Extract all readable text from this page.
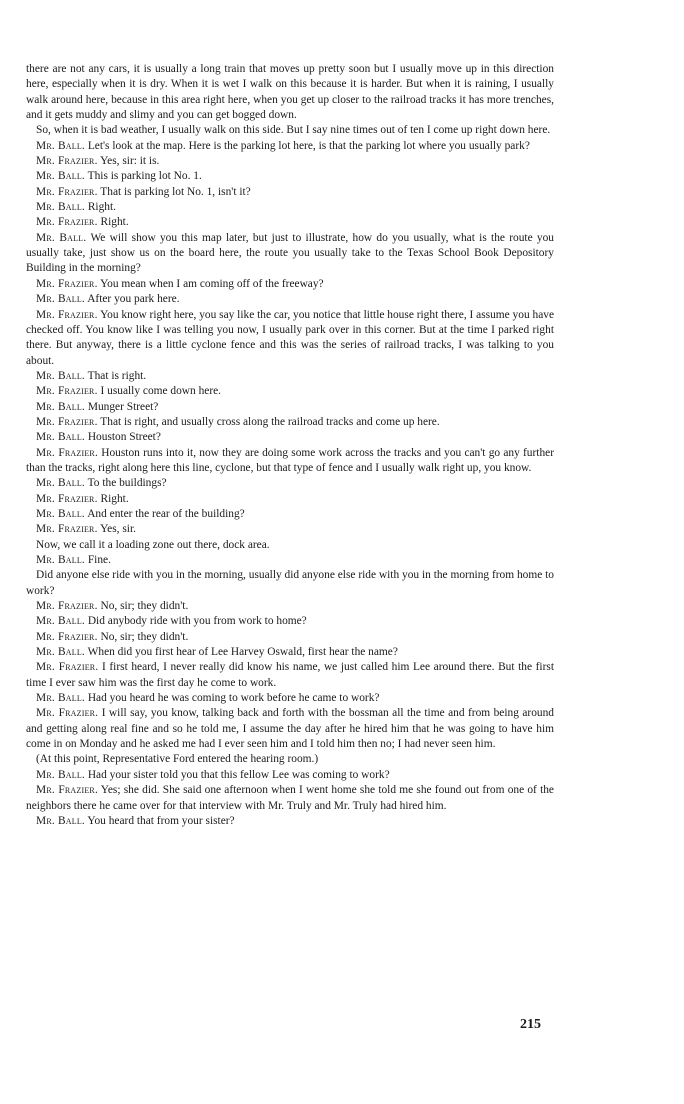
there are not any cars, it is usually a long train that moves up pretty soon but I usually move up in this direction here, especially when it is dry. When it is wet I walk on this because it is harder. But when it is raining, I usually walk around here, because in this area right here, when you get up closer to the railroad tracks it has more trenches, and it gets muddy and slimy and you can get bogged down.

So, when it is bad weather, I usually walk on this side. But I say nine times out of ten I come up right down here.

Mr. Ball. Let's look at the map. Here is the parking lot here, is that the parking lot where you usually park?

Mr. Frazier. Yes, sir: it is.

Mr. Ball. This is parking lot No. 1.

Mr. Frazier. That is parking lot No. 1, isn't it?

Mr. Ball. Right.

Mr. Frazier. Right.

Mr. Ball. We will show you this map later, but just to illustrate, how do you usually, what is the route you usually take, just show us on the board here, the route you usually take to the Texas School Book Depository Building in the morning?

Mr. Frazier. You mean when I am coming off of the freeway?

Mr. Ball. After you park here.

Mr. Frazier. You know right here, you say like the car, you notice that little house right there, I assume you have checked off. You know like I was telling you now, I usually park over in this corner. But at the time I parked right there. But anyway, there is a little cyclone fence and this was the series of railroad tracks, I was talking to you about.

Mr. Ball. That is right.

Mr. Frazier. I usually come down here.

Mr. Ball. Munger Street?

Mr. Frazier. That is right, and usually cross along the railroad tracks and come up here.

Mr. Ball. Houston Street?

Mr. Frazier. Houston runs into it, now they are doing some work across the tracks and you can't go any further than the tracks, right along here this line, cyclone, but that type of fence and I usually walk right up, you know.

Mr. Ball. To the buildings?

Mr. Frazier. Right.

Mr. Ball. And enter the rear of the building?

Mr. Frazier. Yes, sir.

Now, we call it a loading zone out there, dock area.

Mr. Ball. Fine.

Did anyone else ride with you in the morning, usually did anyone else ride with you in the morning from home to work?

Mr. Frazier. No, sir; they didn't.

Mr. Ball. Did anybody ride with you from work to home?

Mr. Frazier. No, sir; they didn't.

Mr. Ball. When did you first hear of Lee Harvey Oswald, first hear the name?

Mr. Frazier. I first heard, I never really did know his name, we just called him Lee around there. But the first time I ever saw him was the first day he come to work.

Mr. Ball. Had you heard he was coming to work before he came to work?

Mr. Frazier. I will say, you know, talking back and forth with the bossman all the time and from being around and getting along real fine and so he told me, I assume the day after he hired him that he was going to have him come in on Monday and he asked me had I ever seen him and I told him then no; I had never seen him.

(At this point, Representative Ford entered the hearing room.)

Mr. Ball. Had your sister told you that this fellow Lee was coming to work?

Mr. Frazier. Yes; she did. She said one afternoon when I went home she told me she found out from one of the neighbors there he came over for that interview with Mr. Truly and Mr. Truly had hired him.

Mr. Ball. You heard that from your sister?

215
